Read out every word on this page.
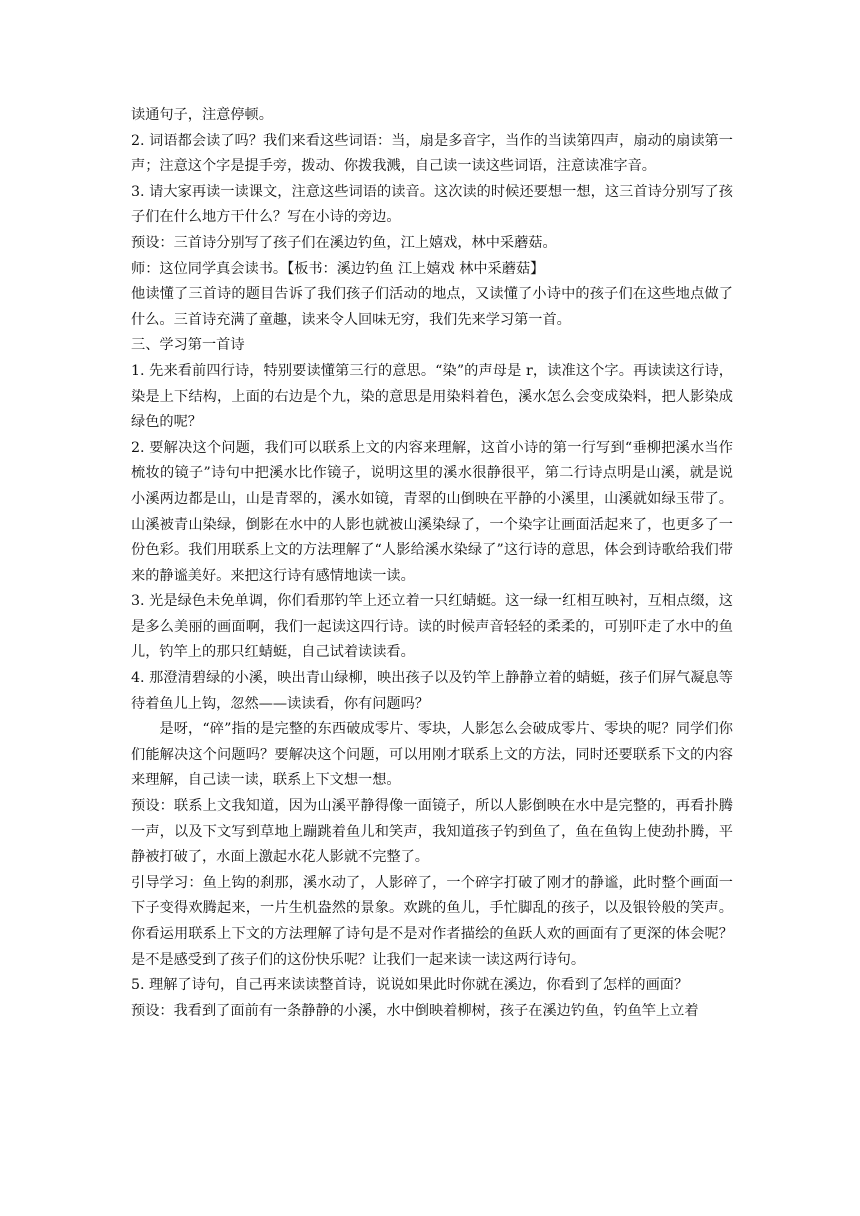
读通句子，注意停顿。

2. 词语都会读了吗？我们来看这些词语：当，扇是多音字，当作的当读第四声，扇动的扇读第一声；注意这个字是提手旁，拨动、你拨我溅，自己读一读这些词语，注意读准字音。

3. 请大家再读一读课文，注意这些词语的读音。这次读的时候还要想一想，这三首诗分别写了孩子们在什么地方干什么？写在小诗的旁边。

预设：三首诗分别写了孩子们在溪边钓鱼，江上嬉戏，林中采蘑菇。

师：这位同学真会读书。【板书：溪边钓鱼 江上嬉戏 林中采蘑菇】

他读懂了三首诗的题目告诉了我们孩子们活动的地点，又读懂了小诗中的孩子们在这些地点做了什么。三首诗充满了童趣，读来令人回味无穷，我们先来学习第一首。

三、学习第一首诗

1. 先来看前四行诗，特别要读懂第三行的意思。“染”的声母是 r，读准这个字。再读读这行诗，染是上下结构，上面的右边是个九，染的意思是用染料着色，溪水怎么会变成染料，把人影染成绿色的呢？

2. 要解决这个问题，我们可以联系上文的内容来理解，这首小诗的第一行写到“垂柳把溪水当作梳妆的镜子”诗句中把溪水比作镜子，说明这里的溪水很静很平，第二行诗点明是山溪，就是说小溪两边都是山，山是青翠的，溪水如镜，青翠的山倒映在平静的小溪里，山溪就如绿玉带了。山溪被青山染绿，倒影在水中的人影也就被山溪染绿了，一个染字让画面活起来了，也更多了一份色彩。我们用联系上文的方法理解了“人影给溪水染绿了”这行诗的意思，体会到诗歌给我们带来的静谧美好。来把这行诗有感情地读一读。

3. 光是绿色未免单调，你们看那钓竿上还立着一只红蜻蜓。这一绿一红相互映衬，互相点缀，这是多么美丽的画面啊，我们一起读这四行诗。读的时候声音轻轻的柔柔的，可别吓走了水中的鱼儿，钓竿上的那只红蜻蜓，自己试着读读看。

4. 那澄清碧绿的小溪，映出青山绿柳，映出孩子以及钓竿上静静立着的蜻蜓，孩子们屏气凝息等待着鱼儿上钩，忽然——读读看，你有问题吗？

是呀，“碎”指的是完整的东西破成零片、零块，人影怎么会破成零片、零块的呢？同学们你们能解决这个问题吗？要解决这个问题，可以用刚才联系上文的方法，同时还要联系下文的内容来理解，自己读一读，联系上下文想一想。

预设：联系上文我知道，因为山溪平静得像一面镜子，所以人影倒映在水中是完整的，再看扑腾一声，以及下文写到草地上蹦跳着鱼儿和笑声，我知道孩子钓到鱼了，鱼在鱼钩上使劲扑腾，平静被打破了，水面上激起水花人影就不完整了。

引导学习：鱼上钩的刹那，溪水动了，人影碎了，一个碎字打破了刚才的静谧，此时整个画面一下子变得欢腾起来，一片生机盎然的景象。欢跳的鱼儿，手忙脚乱的孩子，以及银铃般的笑声。你看运用联系上下文的方法理解了诗句是不是对作者描绘的鱼跃人欢的画面有了更深的体会呢？是不是感受到了孩子们的这份快乐呢？让我们一起来读一读这两行诗句。

5. 理解了诗句，自己再来读读整首诗，说说如果此时你就在溪边，你看到了怎样的画面？

预设：我看到了面前有一条静静的小溪，水中倒映着柳树，孩子在溪边钓鱼，钓鱼竿上立着
